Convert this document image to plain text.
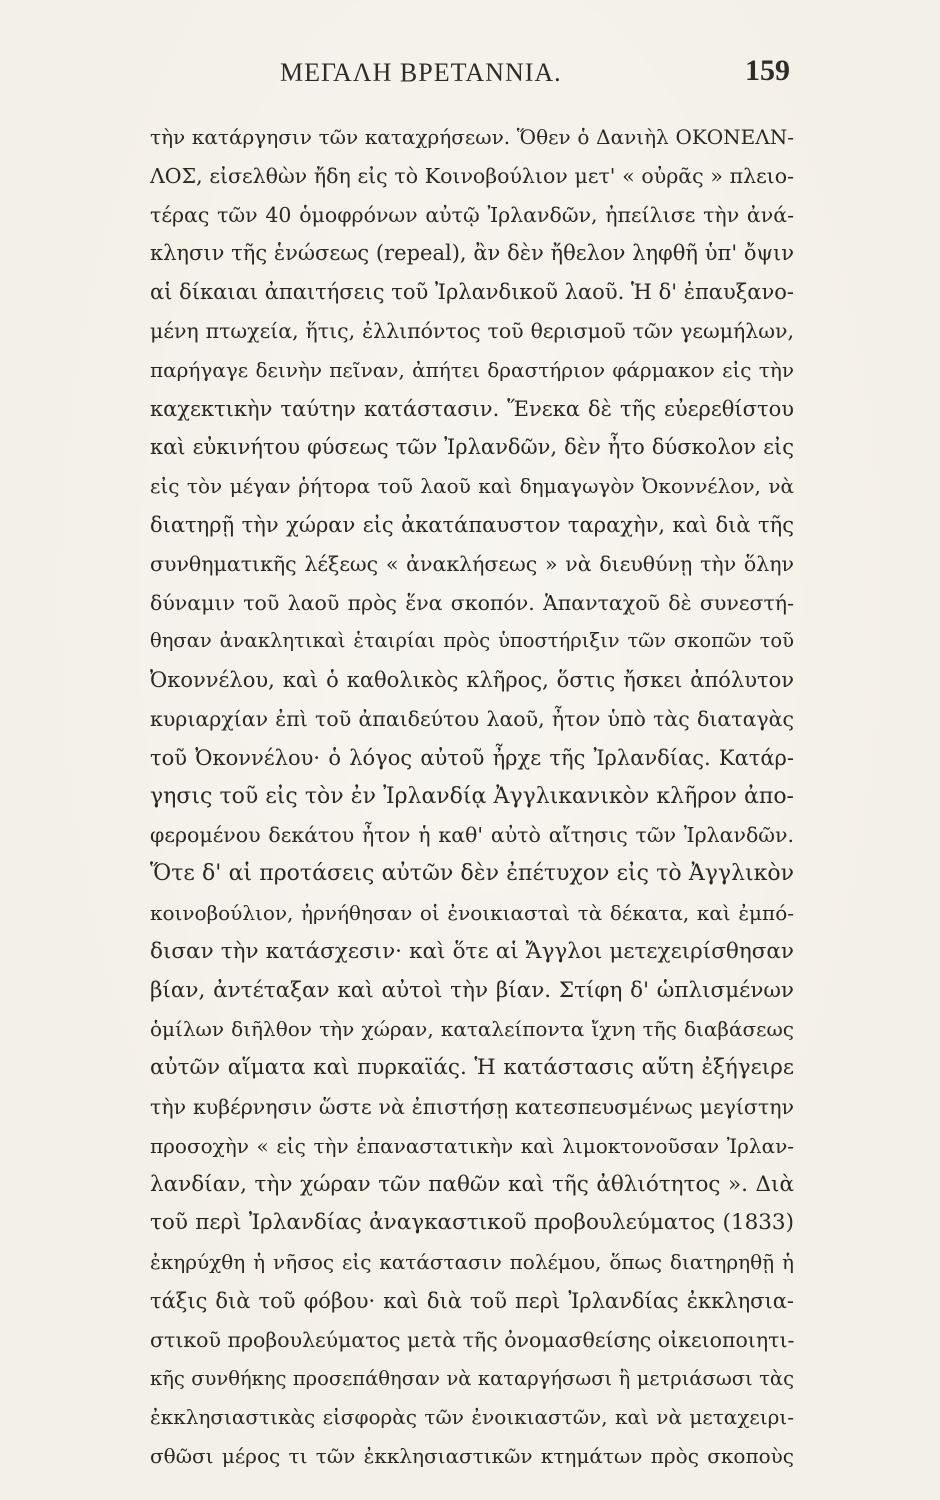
ΜΕΓΑΛΗ ΒΡΕΤΑΝΝΙΑ.	159
τὴν κατάργησιν τῶν καταχρήσεων. Ὅθεν ὁ Δανιὴλ ΟΚΟΝΕΛΝ-
ΛΟΣ, εἰσελθὼν ἤδη εἰς τὸ Κοινοβούλιον μετ' « οὐρᾶς » πλειο-
τέρας τῶν 40 ὁμοφρόνων αὐτῷ Ἰρλανδῶν, ἠπείλισε τὴν ἀνά-
κλησιν τῆς ἑνώσεως (repeal), ἂν δὲν ἤθελον ληφθῆ ὑπ' ὄψιν
αἱ δίκαιαι ἀπαιτήσεις τοῦ Ἰρλανδικοῦ λαοῦ. Ἡ δ' ἐπαυξανο-
μένη πτωχεία, ἥτις, ἐλλιπόντος τοῦ θερισμοῦ τῶν γεωμήλων,
παρήγαγε δεινὴν πεῖναν, ἀπήτει δραστήριον φάρμακον εἰς τὴν
καχεκτικὴν ταύτην κατάστασιν. Ἕνεκα δὲ τῆς εὐερεθίστου
καὶ εὐκινήτου φύσεως τῶν Ἰρλανδῶν, δὲν ἦτο δύσκολον εἰς
εἰς τὸν μέγαν ῥήτορα τοῦ λαοῦ καὶ δημαγωγὸν Ὀκοννέλον, νὰ
διατηρῇ τὴν χώραν εἰς ἀκατάπαυστον ταραχὴν, καὶ διὰ τῆς
συνθηματικῆς λέξεως « ἀνακλήσεως » νὰ διευθύνῃ τὴν ὅλην
δύναμιν τοῦ λαοῦ πρὸς ἕνα σκοπόν. Ἁπανταχοῦ δὲ συνεστή-
θησαν ἀνακλητικαὶ ἑταιρίαι πρὸς ὑποστήριξιν τῶν σκοπῶν τοῦ
Ὀκοννέλου, καὶ ὁ καθολικὸς κλῆρος, ὅστις ἤσκει ἀπόλυτον
κυριαρχίαν ἐπὶ τοῦ ἀπαιδεύτου λαοῦ, ἦτον ὑπὸ τὰς διαταγὰς
τοῦ Ὀκοννέλου· ὁ λόγος αὐτοῦ ἦρχε τῆς Ἰρλανδίας. Κατάρ-
γησις τοῦ εἰς τὸν ἐν Ἰρλανδίᾳ Ἀγγλικανικὸν κλῆρον ἀπο-
φερομένου δεκάτου ἦτον ἡ καθ' αὐτὸ αἴτησις τῶν Ἰρλανδῶν.
Ὅτε δ' αἱ προτάσεις αὐτῶν δὲν ἐπέτυχον εἰς τὸ Ἀγγλικὸν
κοινοβούλιον, ἠρνήθησαν οἱ ἐνοικιασταὶ τὰ δέκατα, καὶ ἐμπό-
δισαν τὴν κατάσχεσιν· καὶ ὅτε αἱ Ἄγγλοι μετεχειρίσθησαν
βίαν, ἀντέταξαν καὶ αὐτοὶ τὴν βίαν. Στίφη δ' ὡπλισμένων
ὁμίλων διῆλθον τὴν χώραν, καταλείποντα ἴχνη τῆς διαβάσεως
αὐτῶν αἵματα καὶ πυρκαϊάς. Ἡ κατάστασις αὕτη ἐξήγειρε
τὴν κυβέρνησιν ὥστε νὰ ἐπιστήσῃ κατεσπευσμένως μεγίστην
προσοχὴν « εἰς τὴν ἐπαναστατικὴν καὶ λιμοκτονοῦσαν Ἰρλαν-
λανδίαν, τὴν χώραν τῶν παθῶν καὶ τῆς ἀθλιότητος ». Διὰ
τοῦ περὶ Ἰρλανδίας ἀναγκαστικοῦ προβουλεύματος (1833)
ἐκηρύχθη ἡ νῆσος εἰς κατάστασιν πολέμου, ὅπως διατηρηθῇ ἡ
τάξις διὰ τοῦ φόβου· καὶ διὰ τοῦ περὶ Ἰρλανδίας ἐκκλησια-
στικοῦ προβουλεύματος μετὰ τῆς ὀνομασθείσης οἰκειοποιητι-
κῆς συνθήκης προσεπάθησαν νὰ καταργήσωσι ἢ μετριάσωσι τὰς
ἐκκλησιαστικὰς εἰσφορὰς τῶν ἐνοικιαστῶν, καὶ νὰ μεταχειρι-
σθῶσι μέρος τι τῶν ἐκκλησιαστικῶν κτημάτων πρὸς σκοποὺς
